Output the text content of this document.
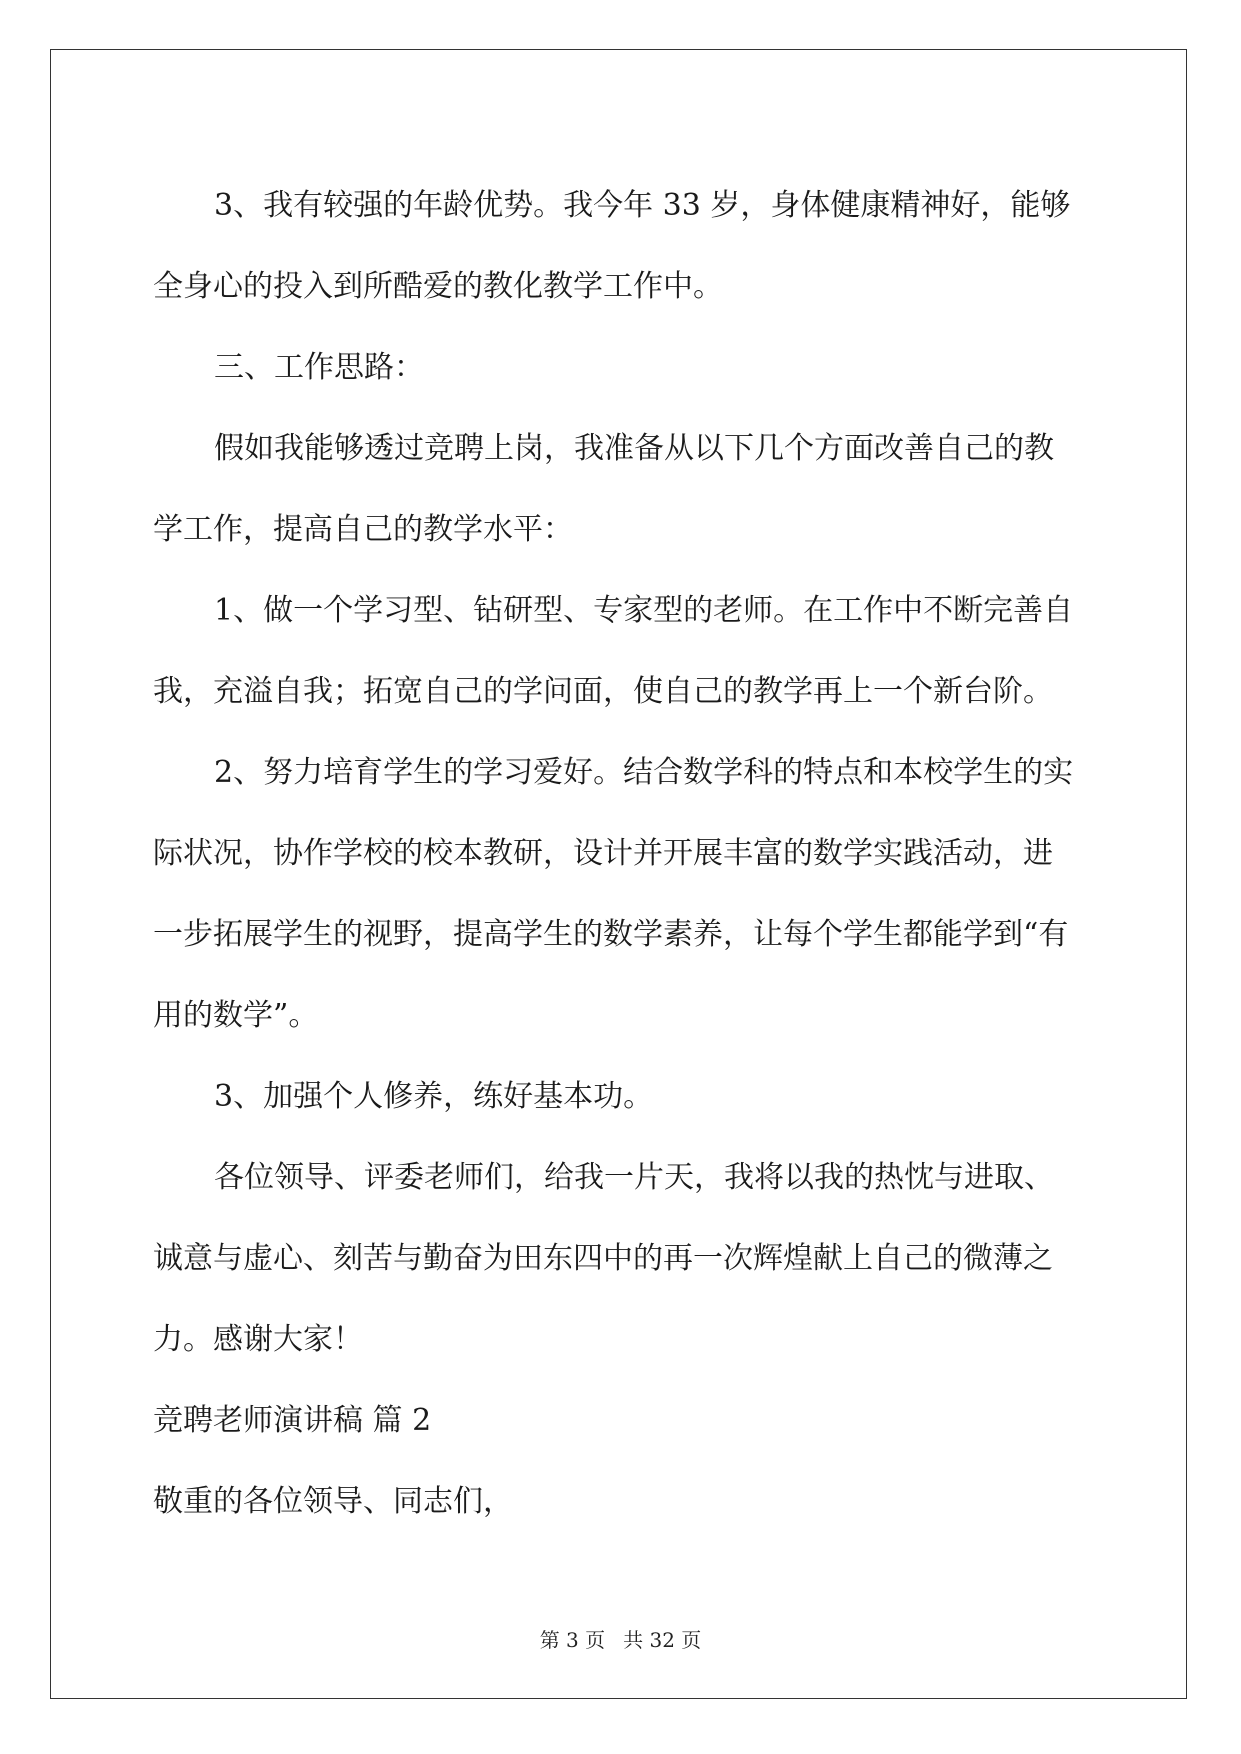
3、我有较强的年龄优势。我今年 33 岁，身体健康精神好，能够
全身心的投入到所酷爱的教化教学工作中。

三、工作思路：

假如我能够透过竞聘上岗，我准备从以下几个方面改善自己的教
学工作，提高自己的教学水平：

1、做一个学习型、钻研型、专家型的老师。在工作中不断完善自
我，充溢自我；拓宽自己的学问面，使自己的教学再上一个新台阶。

2、努力培育学生的学习爱好。结合数学科的特点和本校学生的实
际状况，协作学校的校本教研，设计并开展丰富的数学实践活动，进
一步拓展学生的视野，提高学生的数学素养，让每个学生都能学到“有
用的数学”。

3、加强个人修养，练好基本功。

各位领导、评委老师们，给我一片天，我将以我的热忱与进取、
诚意与虚心、刻苦与勤奋为田东四中的再一次辉煌献上自己的微薄之
力。感谢大家！

竞聘老师演讲稿 篇 2

敬重的各位领导、同志们，

第 3 页 共 32 页
